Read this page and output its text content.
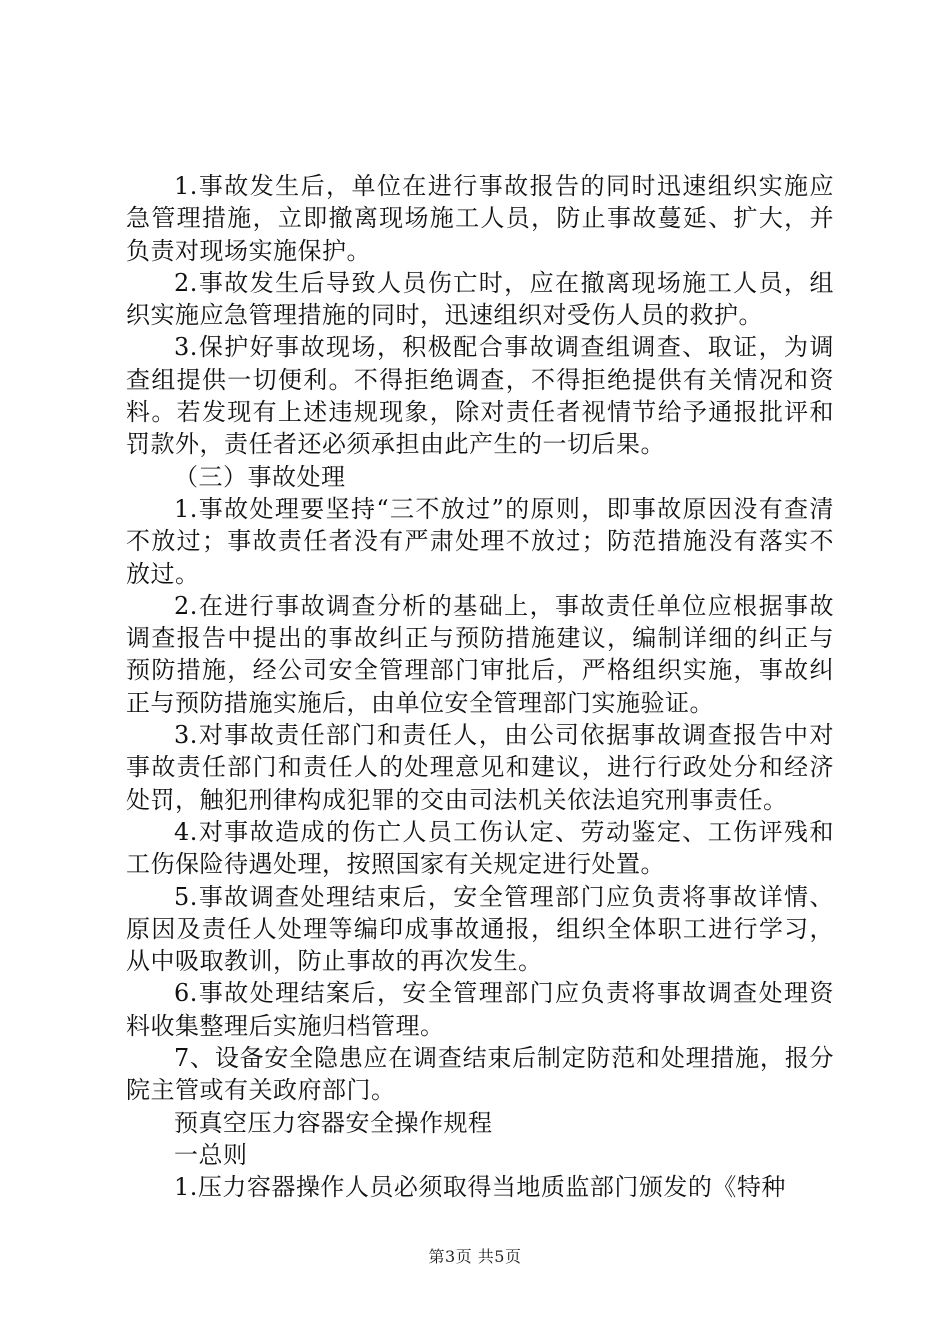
1.事故发生后，单位在进行事故报告的同时迅速组织实施应急管理措施，立即撤离现场施工人员，防止事故蔓延、扩大，并负责对现场实施保护。

2.事故发生后导致人员伤亡时，应在撤离现场施工人员，组织实施应急管理措施的同时，迅速组织对受伤人员的救护。

3.保护好事故现场，积极配合事故调查组调查、取证，为调查组提供一切便利。不得拒绝调查，不得拒绝提供有关情况和资料。若发现有上述违规现象，除对责任者视情节给予通报批评和罚款外，责任者还必须承担由此产生的一切后果。

（三）事故处理

1.事故处理要坚持“三不放过”的原则，即事故原因没有查清不放过；事故责任者没有严肃处理不放过；防范措施没有落实不放过。

2.在进行事故调查分析的基础上，事故责任单位应根据事故调查报告中提出的事故纠正与预防措施建议，编制详细的纠正与预防措施，经公司安全管理部门审批后，严格组织实施，事故纠正与预防措施实施后，由单位安全管理部门实施验证。

3.对事故责任部门和责任人，由公司依据事故调查报告中对事故责任部门和责任人的处理意见和建议，进行行政处分和经济处罚，触犯刑律构成犯罪的交由司法机关依法追究刑事责任。

4.对事故造成的伤亡人员工伤认定、劳动鉴定、工伤评残和工伤保险待遇处理，按照国家有关规定进行处置。

5.事故调查处理结束后，安全管理部门应负责将事故详情、原因及责任人处理等编印成事故通报，组织全体职工进行学习，从中吸取教训，防止事故的再次发生。

6.事故处理结案后，安全管理部门应负责将事故调查处理资料收集整理后实施归档管理。

7、设备安全隐患应在调查结束后制定防范和处理措施，报分院主管或有关政府部门。

预真空压力容器安全操作规程

一总则

1.压力容器操作人员必须取得当地质监部门颁发的《特种

第3页 共5页
